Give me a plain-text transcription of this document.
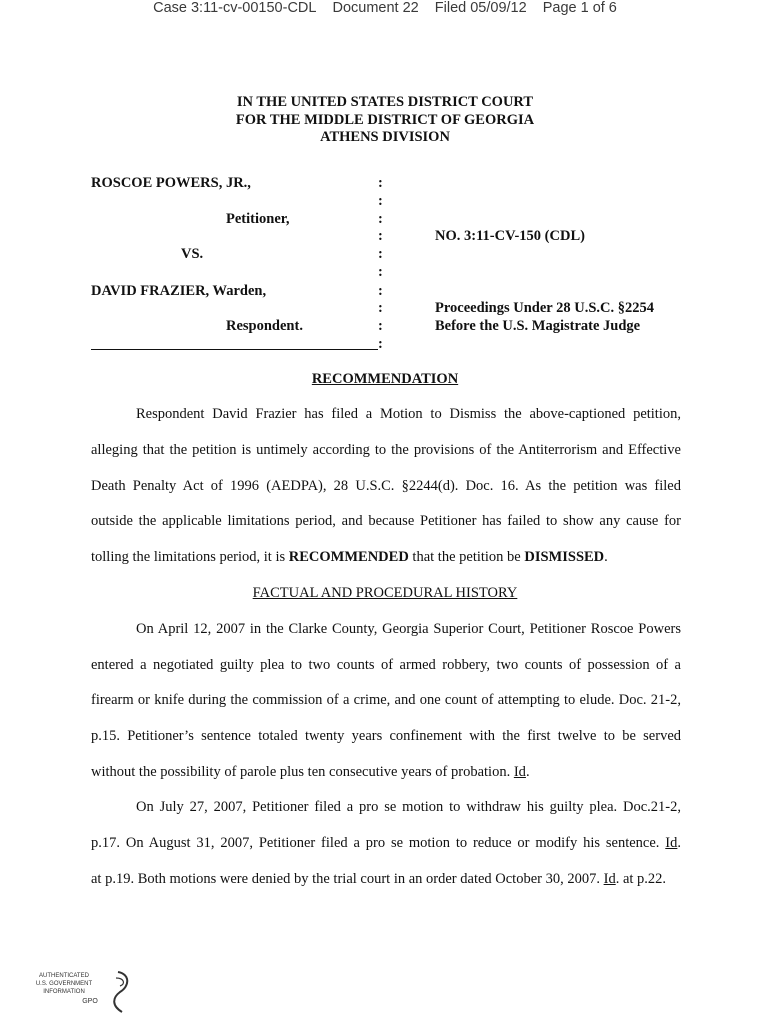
Case 3:11-cv-00150-CDL Document 22 Filed 05/09/12 Page 1 of 6
IN THE UNITED STATES DISTRICT COURT
FOR THE MIDDLE DISTRICT OF GEORGIA
ATHENS DIVISION
ROSCOE POWERS, JR.,
Petitioner,
VS.
DAVID FRAZIER, Warden,
Respondent.
:
:
:
:
:
:
:
:
:
:
NO. 3:11-CV-150 (CDL)
Proceedings Under 28 U.S.C. §2254
Before the U.S. Magistrate Judge
RECOMMENDATION
Respondent David Frazier has filed a Motion to Dismiss the above-captioned petition,
alleging that the petition is untimely according to the provisions of the Antiterrorism and Effective
Death Penalty Act of 1996 (AEDPA), 28 U.S.C. §2244(d). Doc. 16. As the petition was filed
outside the applicable limitations period, and because Petitioner has failed to show any cause for
tolling the limitations period, it is RECOMMENDED that the petition be DISMISSED.
FACTUAL AND PROCEDURAL HISTORY
On April 12, 2007 in the Clarke County, Georgia Superior Court, Petitioner Roscoe Powers
entered a negotiated guilty plea to two counts of armed robbery, two counts of possession of a
firearm or knife during the commission of a crime, and one count of attempting to elude. Doc. 21-2,
p.15. Petitioner’s sentence totaled twenty years confinement with the first twelve to be served
without the possibility of parole plus ten consecutive years of probation. Id.
On July 27, 2007, Petitioner filed a pro se motion to withdraw his guilty plea. Doc.21-2,
p.17. On August 31, 2007, Petitioner filed a pro se motion to reduce or modify his sentence. Id.
at p.19. Both motions were denied by the trial court in an order dated October 30, 2007. Id. at p.22.
AUTHENTICATED
U.S. GOVERNMENT
INFORMATION
GPO
